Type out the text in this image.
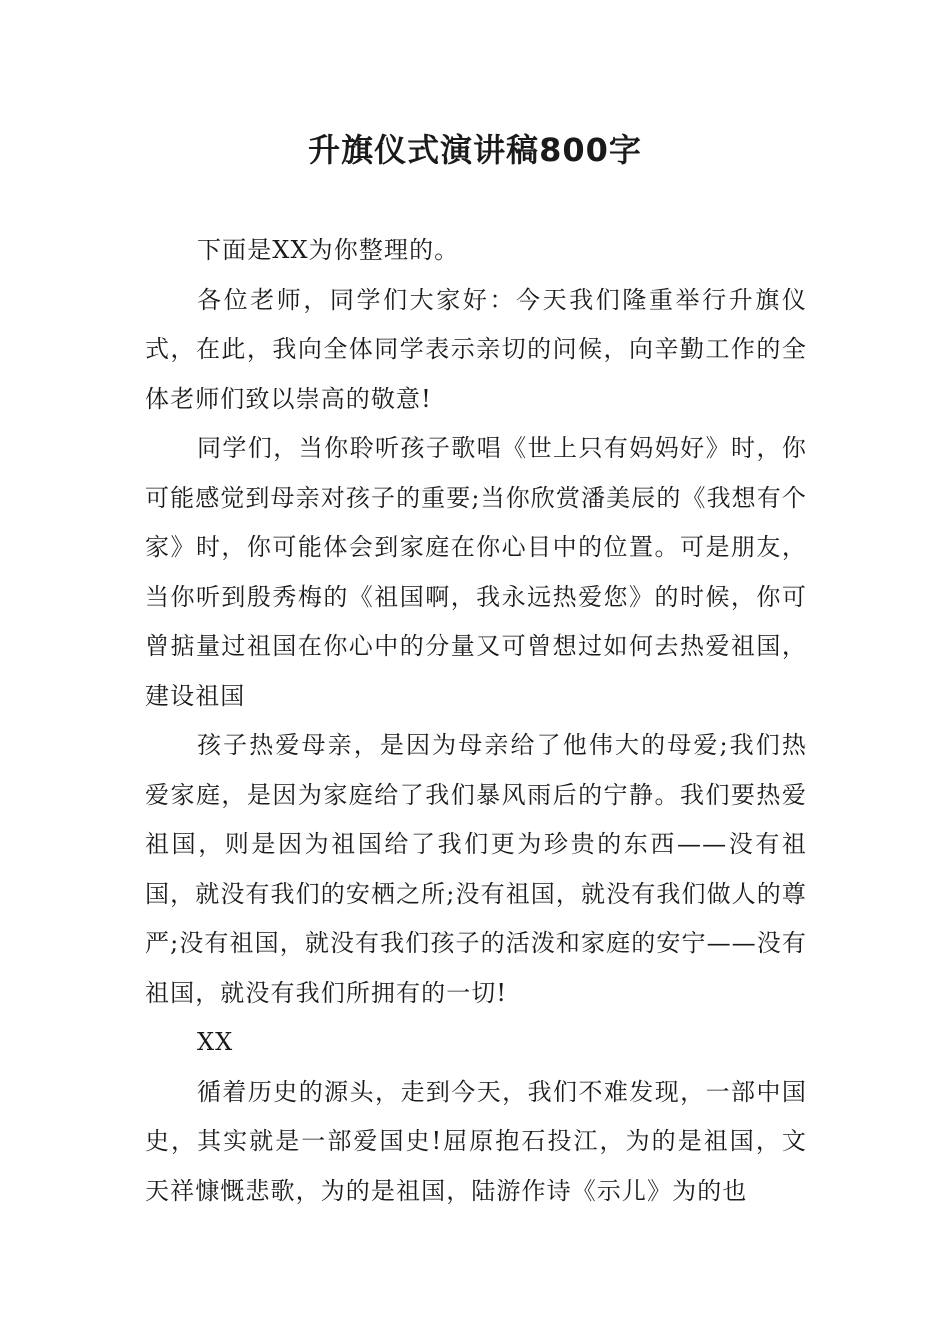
升旗仪式演讲稿800字

下面是XX为你整理的。

各位老师，同学们大家好：今天我们隆重举行升旗仪式，在此，我向全体同学表示亲切的问候，向辛勤工作的全体老师们致以崇高的敬意!

同学们，当你聆听孩子歌唱《世上只有妈妈好》时，你可能感觉到母亲对孩子的重要;当你欣赏潘美辰的《我想有个家》时，你可能体会到家庭在你心目中的位置。可是朋友，当你听到殷秀梅的《祖国啊，我永远热爱您》的时候，你可曾掂量过祖国在你心中的分量又可曾想过如何去热爱祖国，建设祖国

孩子热爱母亲，是因为母亲给了他伟大的母爱;我们热爱家庭，是因为家庭给了我们暴风雨后的宁静。我们要热爱祖国，则是因为祖国给了我们更为珍贵的东西——没有祖国，就没有我们的安栖之所;没有祖国，就没有我们做人的尊严;没有祖国，就没有我们孩子的活泼和家庭的安宁——没有祖国，就没有我们所拥有的一切!

XX

循着历史的源头，走到今天，我们不难发现，一部中国史，其实就是一部爱国史!屈原抱石投江，为的是祖国，文天祥慷慨悲歌，为的是祖国，陆游作诗《示儿》为的也
